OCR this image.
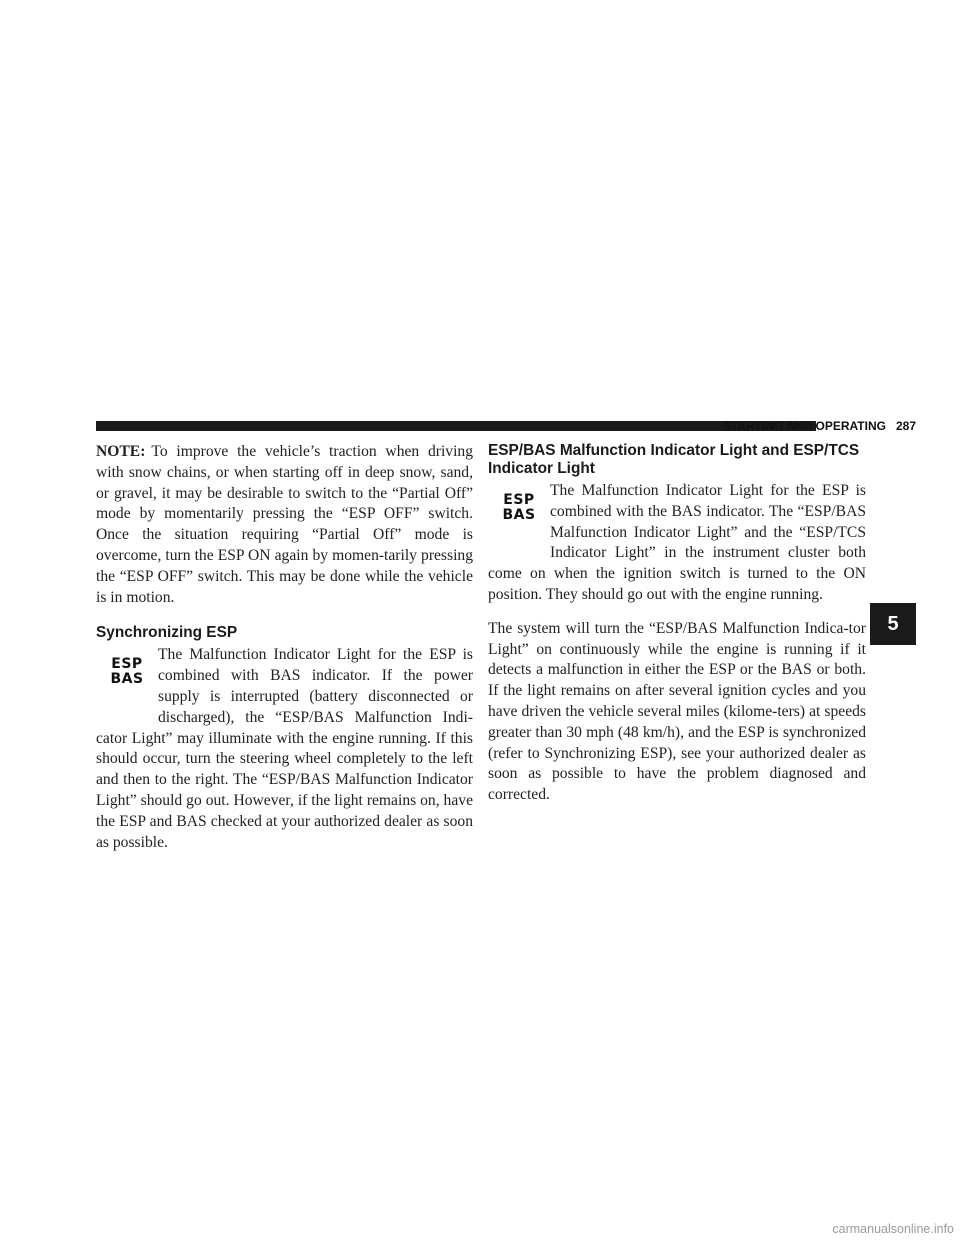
STARTING AND OPERATING 287

NOTE: To improve the vehicle’s traction when driving with snow chains, or when starting off in deep snow, sand, or gravel, it may be desirable to switch to the “Partial Off” mode by momentarily pressing the “ESP OFF” switch. Once the situation requiring “Partial Off” mode is overcome, turn the ESP ON again by momen-tarily pressing the “ESP OFF” switch. This may be done while the vehicle is in motion.

Synchronizing ESP
ESP
BAS

The Malfunction Indicator Light for the ESP is combined with BAS indicator. If the power supply is interrupted (battery disconnected or discharged), the “ESP/BAS Malfunction Indi-cator Light” may illuminate with the engine running. If this should occur, turn the steering wheel completely to the left and then to the right. The “ESP/BAS Malfunction Indicator Light” should go out. However, if the light remains on, have the ESP and BAS checked at your authorized dealer as soon as possible.

ESP/BAS Malfunction Indicator Light and ESP/TCS Indicator Light
ESP
BAS

The Malfunction Indicator Light for the ESP is combined with the BAS indicator. The “ESP/BAS Malfunction Indicator Light” and the “ESP/TCS Indicator Light” in the instrument cluster both come on when the ignition switch is turned to the ON position. They should go out with the engine running.

The system will turn the “ESP/BAS Malfunction Indica-tor Light” on continuously while the engine is running if it detects a malfunction in either the ESP or the BAS or both. If the light remains on after several ignition cycles and you have driven the vehicle several miles (kilome-ters) at speeds greater than 30 mph (48 km/h), and the ESP is synchronized (refer to Synchronizing ESP), see your authorized dealer as soon as possible to have the problem diagnosed and corrected.

5
carmanualsonline.info
